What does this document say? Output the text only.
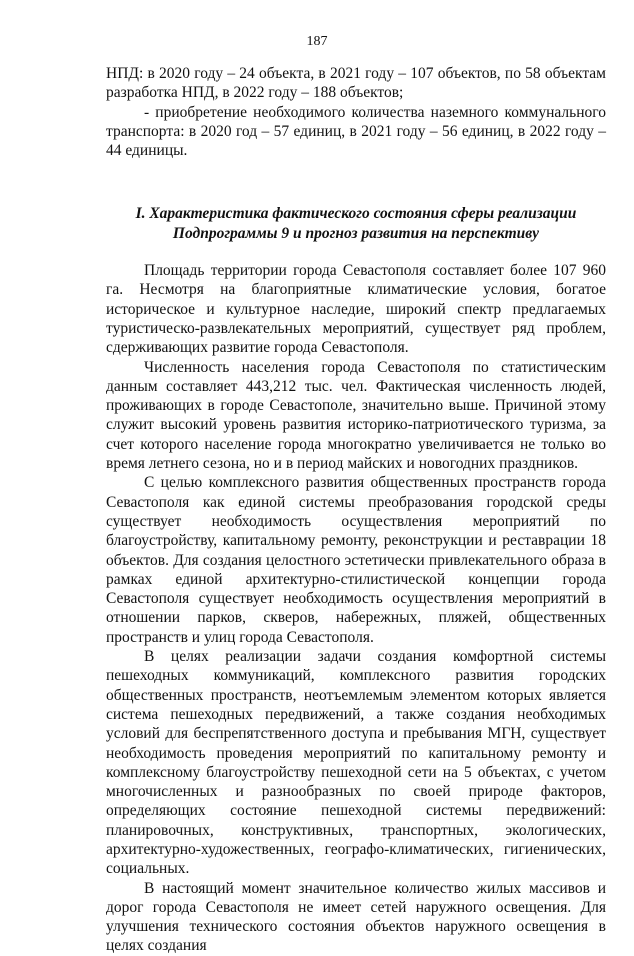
187

НПД: в 2020 году – 24 объекта, в 2021 году – 107 объектов, по 58 объектам разработка НПД, в 2022 году – 188 объектов;

- приобретение необходимого количества наземного коммунального транспорта: в 2020 год – 57 единиц, в 2021 году – 56 единиц, в 2022 году – 44 единицы.

I. Характеристика фактического состояния сферы реализации
Подпрограммы 9 и прогноз развития на перспективу

Площадь территории города Севастополя составляет более 107 960 га. Несмотря на благоприятные климатические условия, богатое историческое и культурное наследие, широкий спектр предлагаемых туристическо-развлекательных мероприятий, существует ряд проблем, сдерживающих развитие города Севастополя.

Численность населения города Севастополя по статистическим данным составляет 443,212 тыс. чел. Фактическая численность людей, проживающих в городе Севастополе, значительно выше. Причиной этому служит высокий уровень развития историко-патриотического туризма, за счет которого население города многократно увеличивается не только во время летнего сезона, но и в период майских и новогодних праздников.

С целью комплексного развития общественных пространств города Севастополя как единой системы преобразования городской среды существует необходимость осуществления мероприятий по благоустройству, капитальному ремонту, реконструкции и реставрации 18 объектов. Для создания целостного эстетически привлекательного образа в рамках единой архитектурно-стилистической концепции города Севастополя существует необходимость осуществления мероприятий в отношении парков, скверов, набережных, пляжей, общественных пространств и улиц города Севастополя.

В целях реализации задачи создания комфортной системы пешеходных коммуникаций, комплексного развития городских общественных пространств, неотъемлемым элементом которых является система пешеходных передвижений, а также создания необходимых условий для беспрепятственного доступа и пребывания МГН, существует необходимость проведения мероприятий по капитальному ремонту и комплексному благоустройству пешеходной сети на 5 объектах, с учетом многочисленных и разнообразных по своей природе факторов, определяющих состояние пешеходной системы передвижений: планировочных, конструктивных, транспортных, экологических, архитектурно-художественных, географо-климатических, гигиенических, социальных.

В настоящий момент значительное количество жилых массивов и дорог города Севастополя не имеет сетей наружного освещения. Для улучшения технического состояния объектов наружного освещения в целях создания
